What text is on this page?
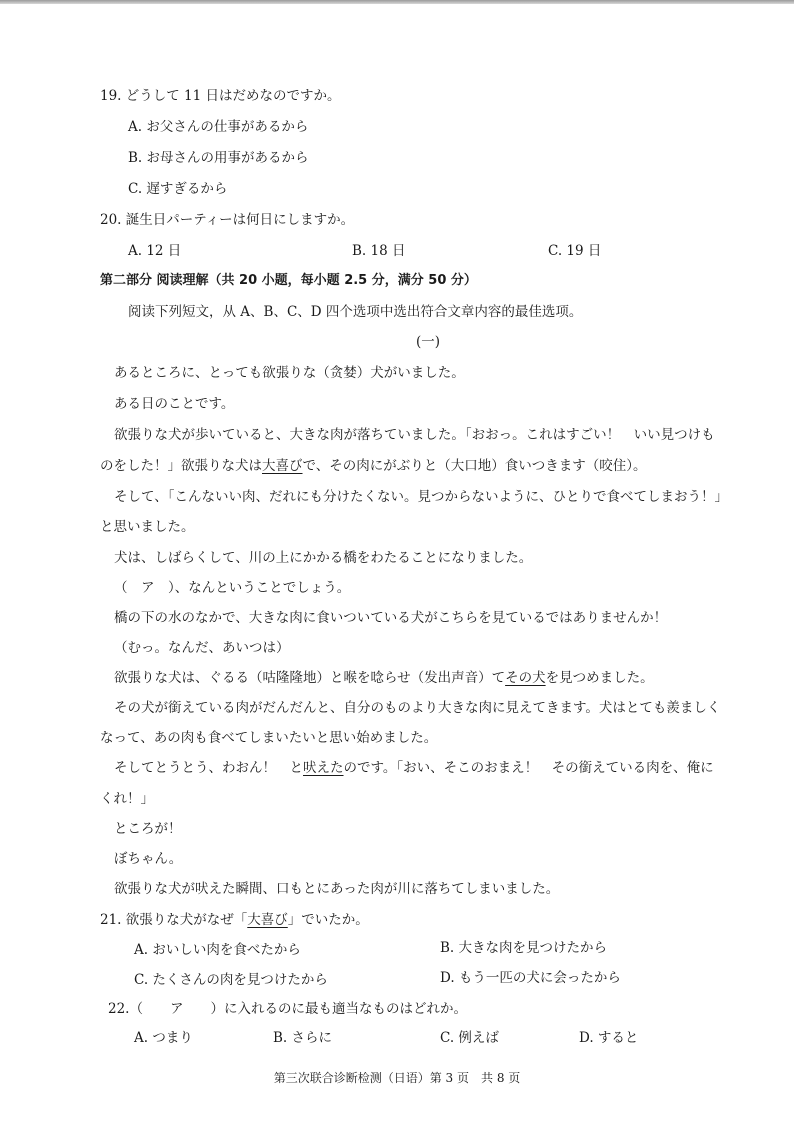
19. どうして 11 日はだめなのですか。
A. お父さんの仕事があるから
B. お母さんの用事があるから
C. 遅すぎるから
20. 誕生日パーティーは何日にしますか。
A. 12 日	B. 18 日	C. 19 日
第二部分 阅读理解（共 20 小题，每小题 2.5 分，满分 50 分）
阅读下列短文，从 A、B、C、D 四个选项中选出符合文章内容的最佳选项。
(一)
あるところに、とっても欲張りな（贪婪）犬がいました。
ある日のことです。
欲張りな犬が歩いていると、大きな肉が落ちていました。「おおっ。これはすごい！　いい見つけも
のをした！」欲張りな犬は大喜びで、その肉にがぶりと（大口地）食いつきます（咬住）。
そして、「こんないい肉、だれにも分けたくない。見つからないように、ひとりで食べてしまおう！」
と思いました。
犬は、しばらくして、川の上にかかる橋をわたることになりました。
（　ア　）、なんということでしょう。
橋の下の水のなかで、大きな肉に食いついている犬がこちらを見ているではありませんか！
（むっ。なんだ、あいつは）
欲張りな犬は、ぐるる（咕隆隆地）と喉を唸らせ（发出声音）てその犬を見つめました。
その犬が銜えている肉がだんだんと、自分のものより大きな肉に見えてきます。犬はとても羨ましく
なって、あの肉も食べてしまいたいと思い始めました。
そしてとうとう、わおん！　と吠えたのです。「おい、そこのおまえ！　その銜えている肉を、俺に
くれ！」
ところが！
ぼちゃん。
欲張りな犬が吠えた瞬間、口もとにあった肉が川に落ちてしまいました。
21. 欲張りな犬がなぜ「大喜び」でいたか。
A. おいしい肉を食べたから	B. 大きな肉を見つけたから
C. たくさんの肉を見つけたから	D. もう一匹の犬に会ったから
22.（　　ア　　）に入れるのに最も適当なものはどれか。
A. つまり	B. さらに	C. 例えば	D. すると
第三次联合诊断检测（日语）第 3 页　共 8 页
